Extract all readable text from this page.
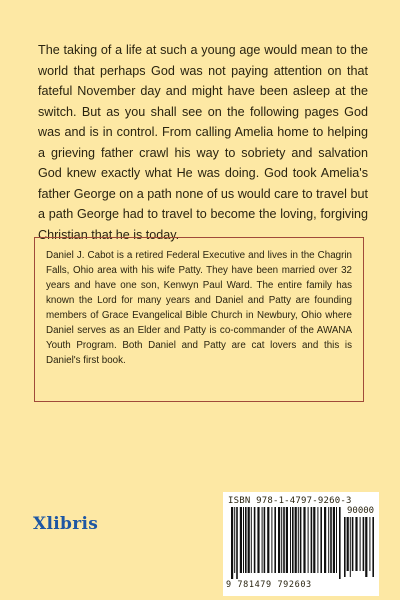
The taking of a life at such a young age would mean to the world that perhaps God was not paying attention on that fateful November day and might have been asleep at the switch. But as you shall see on the following pages God was and is in control. From calling Amelia home to helping a grieving father crawl his way to sobriety and salvation God knew exactly what He was doing. God took Amelia's father George on a path none of us would care to travel but a path George had to travel to become the loving, forgiving Christian that he is today.

Daniel J. Cabot is a retired Federal Executive and lives in the Chagrin Falls, Ohio area with his wife Patty. They have been married over 32 years and have one son, Kenwyn Paul Ward. The entire family has known the Lord for many years and Daniel and Patty are founding members of Grace Evangelical Bible Church in Newbury, Ohio where Daniel serves as an Elder and Patty is co-commander of the AWANA Youth Program. Both Daniel and Patty are cat lovers and this is Daniel's first book.
Xlibris
ISBN 978-1-4797-9260-3
90000
9 781479 792603
